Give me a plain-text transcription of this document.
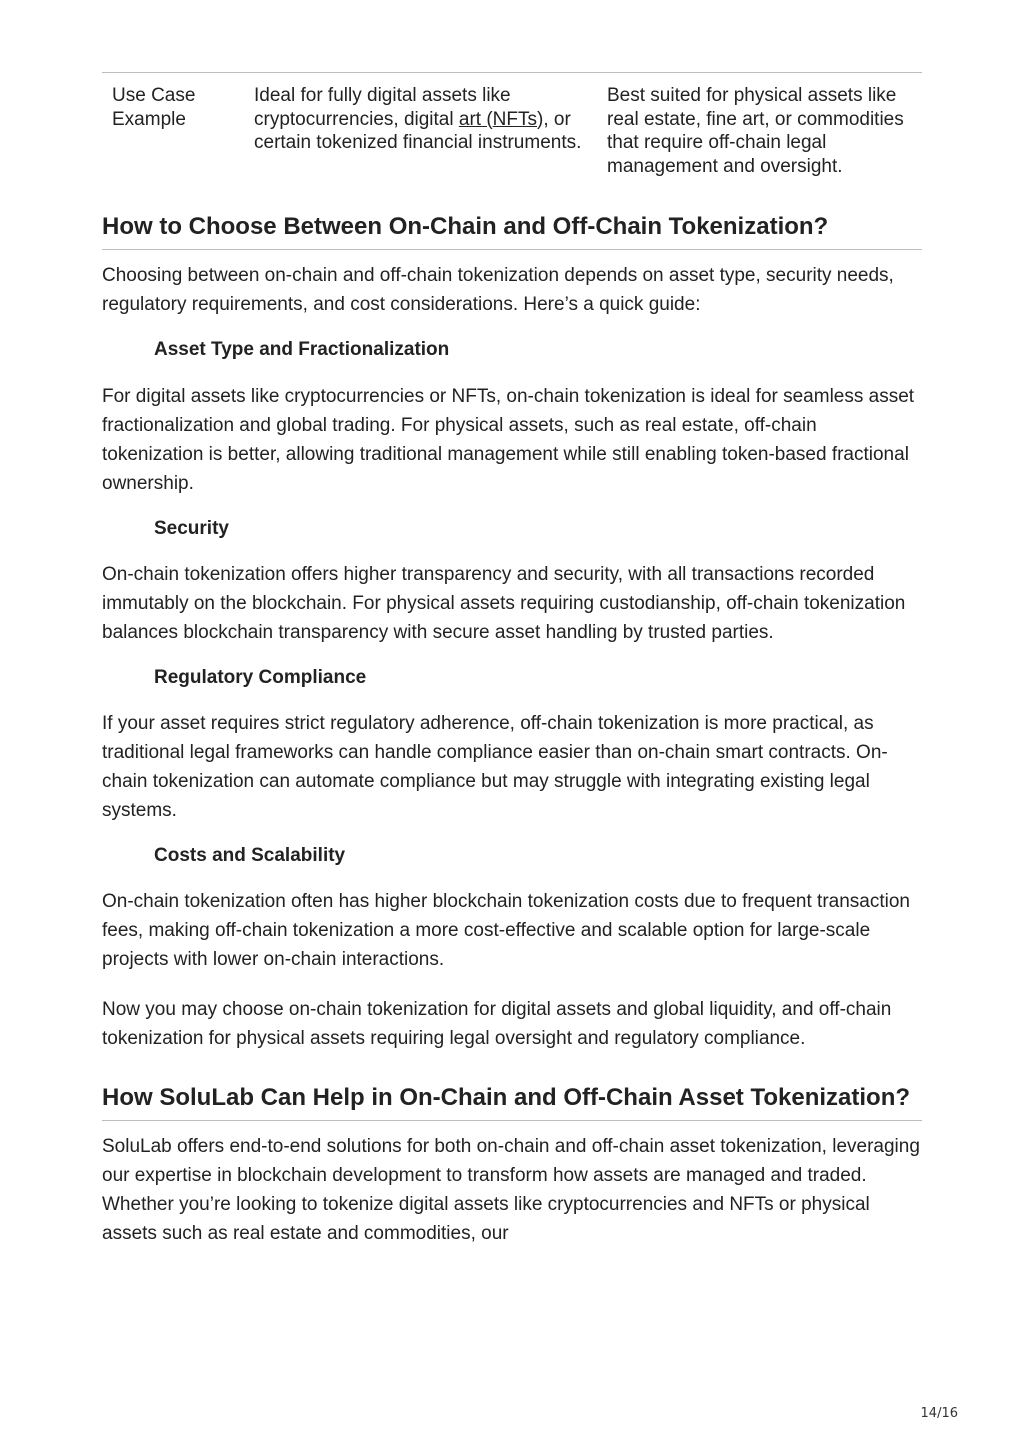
Use Case Example
Ideal for fully digital assets like cryptocurrencies, digital art (NFTs), or certain tokenized financial instruments.
Best suited for physical assets like real estate, fine art, or commodities that require off-chain legal management and oversight.
How to Choose Between On-Chain and Off-Chain Tokenization?

Choosing between on-chain and off-chain tokenization depends on asset type, security needs, regulatory requirements, and cost considerations. Here’s a quick guide:

Asset Type and Fractionalization

For digital assets like cryptocurrencies or NFTs, on-chain tokenization is ideal for seamless asset fractionalization and global trading. For physical assets, such as real estate, off-chain tokenization is better, allowing traditional management while still enabling token-based fractional ownership.

Security

On-chain tokenization offers higher transparency and security, with all transactions recorded immutably on the blockchain. For physical assets requiring custodianship, off-chain tokenization balances blockchain transparency with secure asset handling by trusted parties.

Regulatory Compliance

If your asset requires strict regulatory adherence, off-chain tokenization is more practical, as traditional legal frameworks can handle compliance easier than on-chain smart contracts. On-chain tokenization can automate compliance but may struggle with integrating existing legal systems.

Costs and Scalability

On-chain tokenization often has higher blockchain tokenization costs due to frequent transaction fees, making off-chain tokenization a more cost-effective and scalable option for large-scale projects with lower on-chain interactions.

Now you may choose on-chain tokenization for digital assets and global liquidity, and off-chain tokenization for physical assets requiring legal oversight and regulatory compliance.

How SoluLab Can Help in On-Chain and Off-Chain Asset Tokenization?

SoluLab offers end-to-end solutions for both on-chain and off-chain asset tokenization, leveraging our expertise in blockchain development to transform how assets are managed and traded. Whether you’re looking to tokenize digital assets like cryptocurrencies and NFTs or physical assets such as real estate and commodities, our

14/16
